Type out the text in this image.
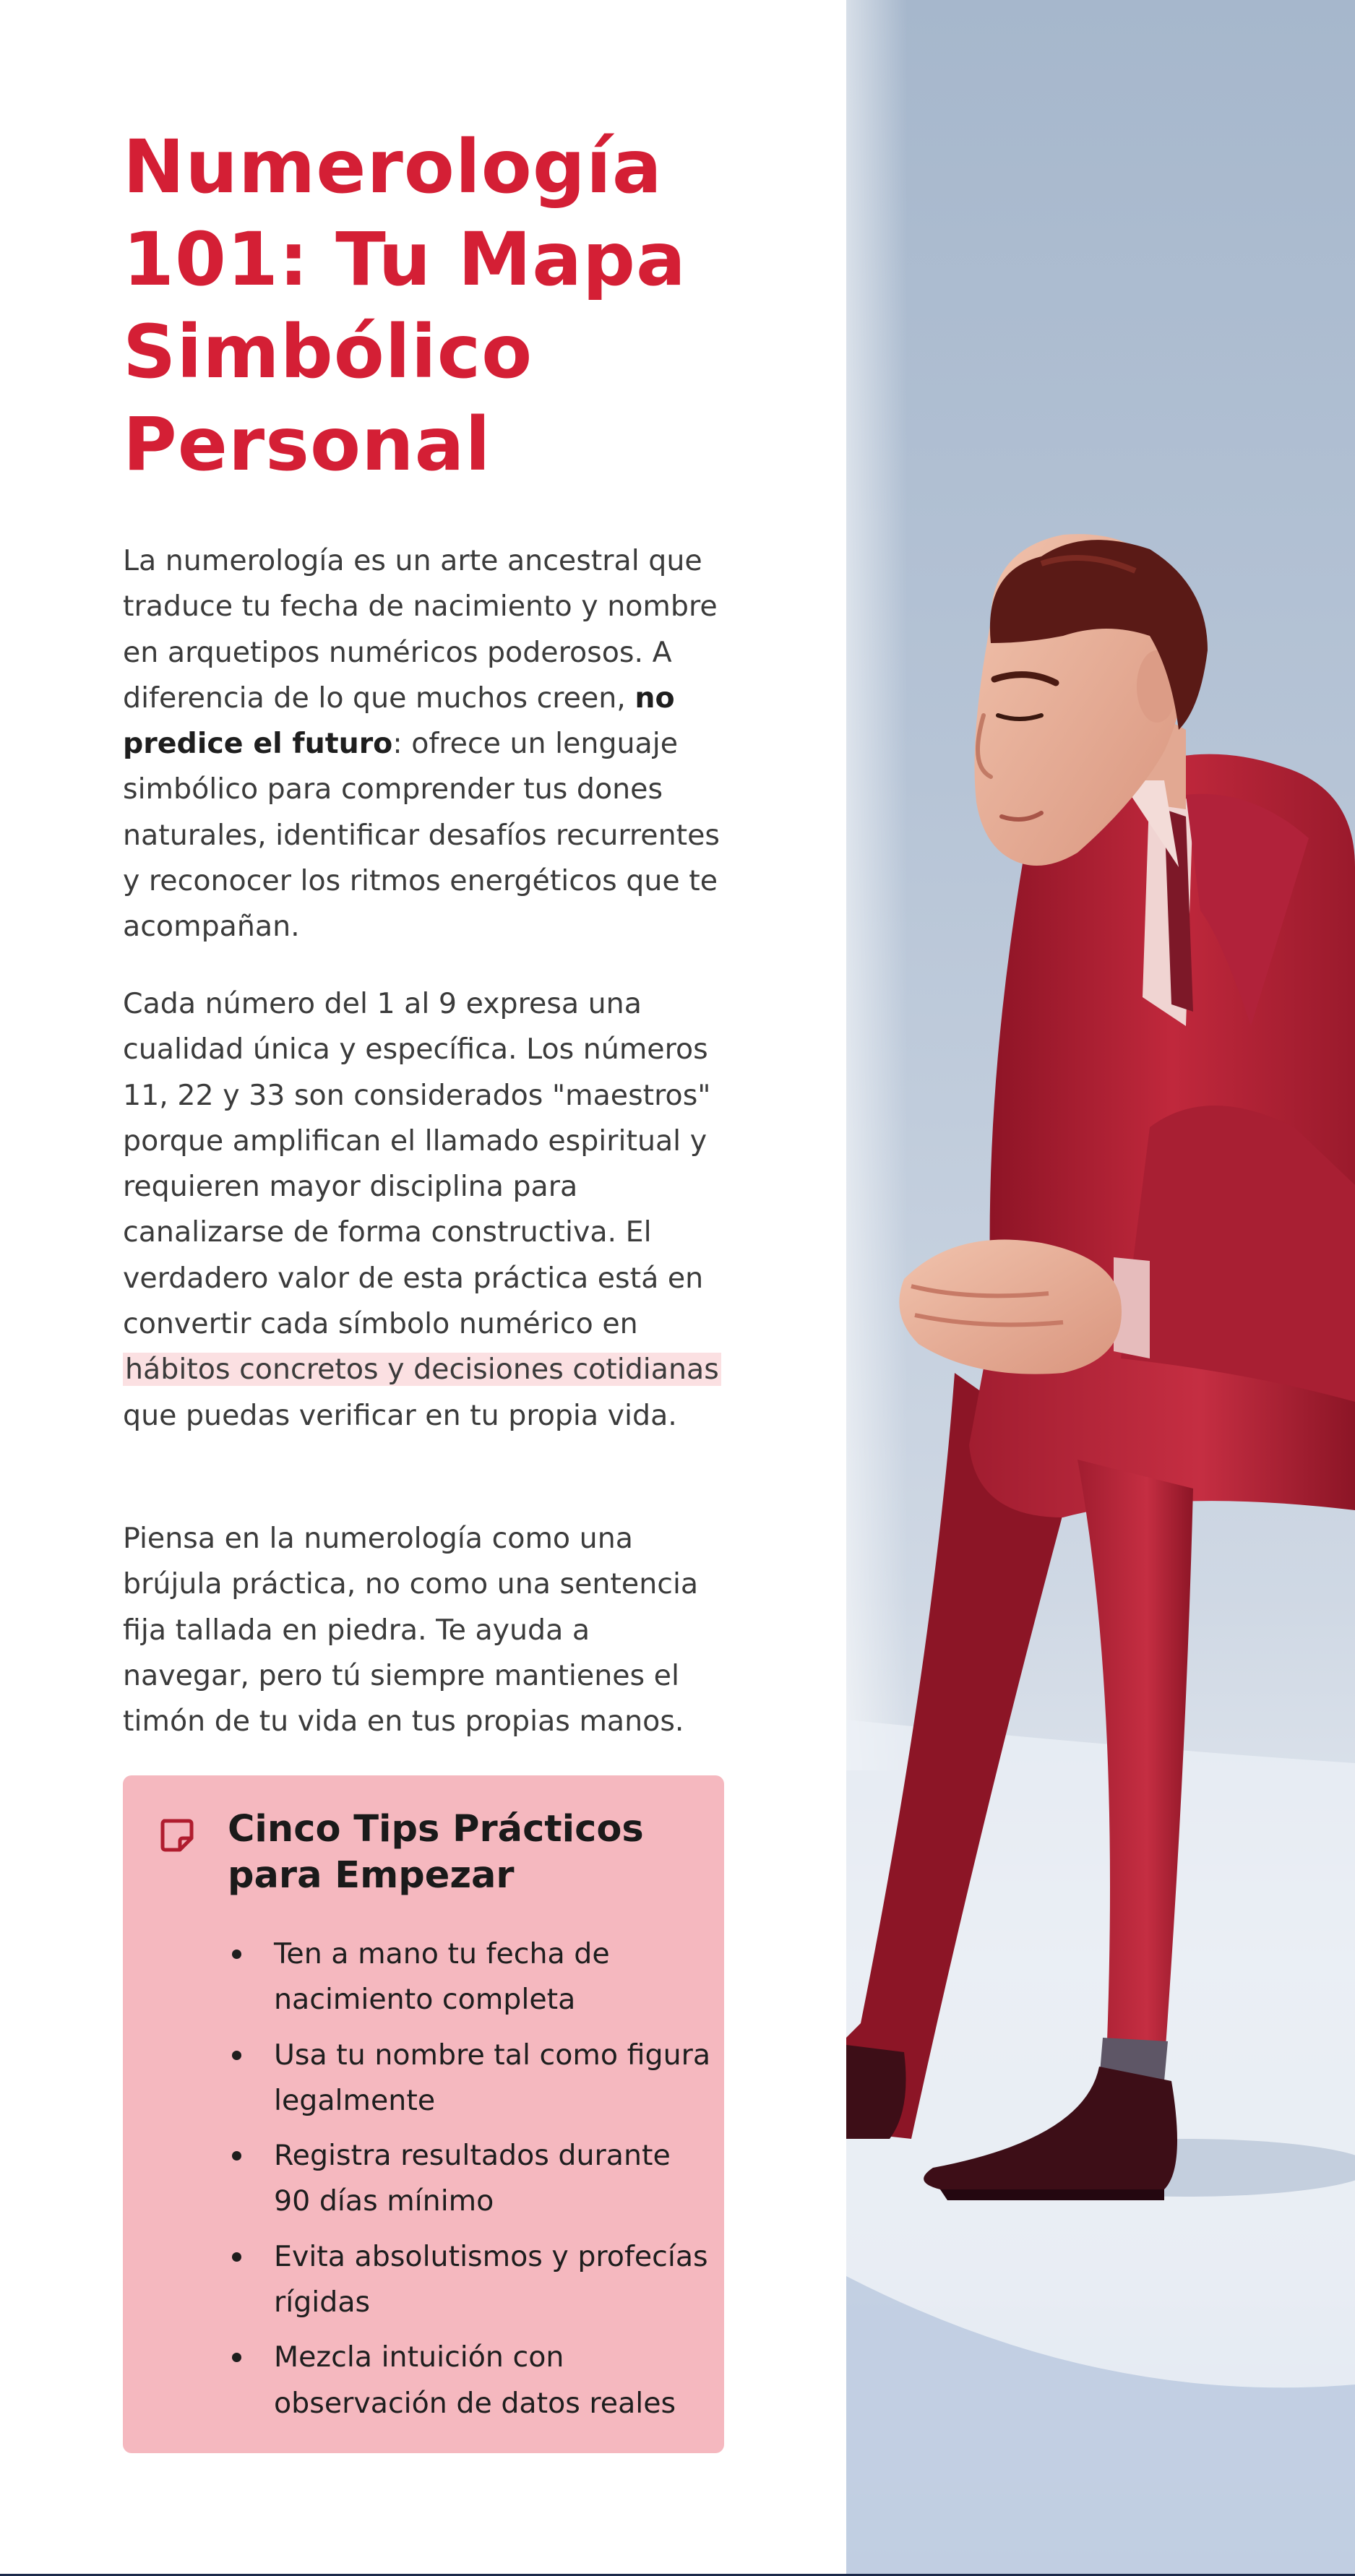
Numerología 101: Tu Mapa Simbólico Personal

La numerología es un arte ancestral que traduce tu fecha de nacimiento y nombre en arquetipos numéricos poderosos. A diferencia de lo que muchos creen, no predice el futuro: ofrece un lenguaje simbólico para comprender tus dones naturales, identificar desafíos recurrentes y reconocer los ritmos energéticos que te acompañan.

Cada número del 1 al 9 expresa una cualidad única y específica. Los números 11, 22 y 33 son considerados "maestros" porque amplifican el llamado espiritual y requieren mayor disciplina para canalizarse de forma constructiva. El verdadero valor de esta práctica está en convertir cada símbolo numérico en hábitos concretos y decisiones cotidianas que puedas verificar en tu propia vida.

Piensa en la numerología como una brújula práctica, no como una sentencia fija tallada en piedra. Te ayuda a navegar, pero tú siempre mantienes el timón de tu vida en tus propias manos.

Cinco Tips Prácticos para Empezar
Ten a mano tu fecha de nacimiento completa
Usa tu nombre tal como figura legalmente
Registra resultados durante 90 días mínimo
Evita absolutismos y profecías rígidas
Mezcla intuición con observación de datos reales
